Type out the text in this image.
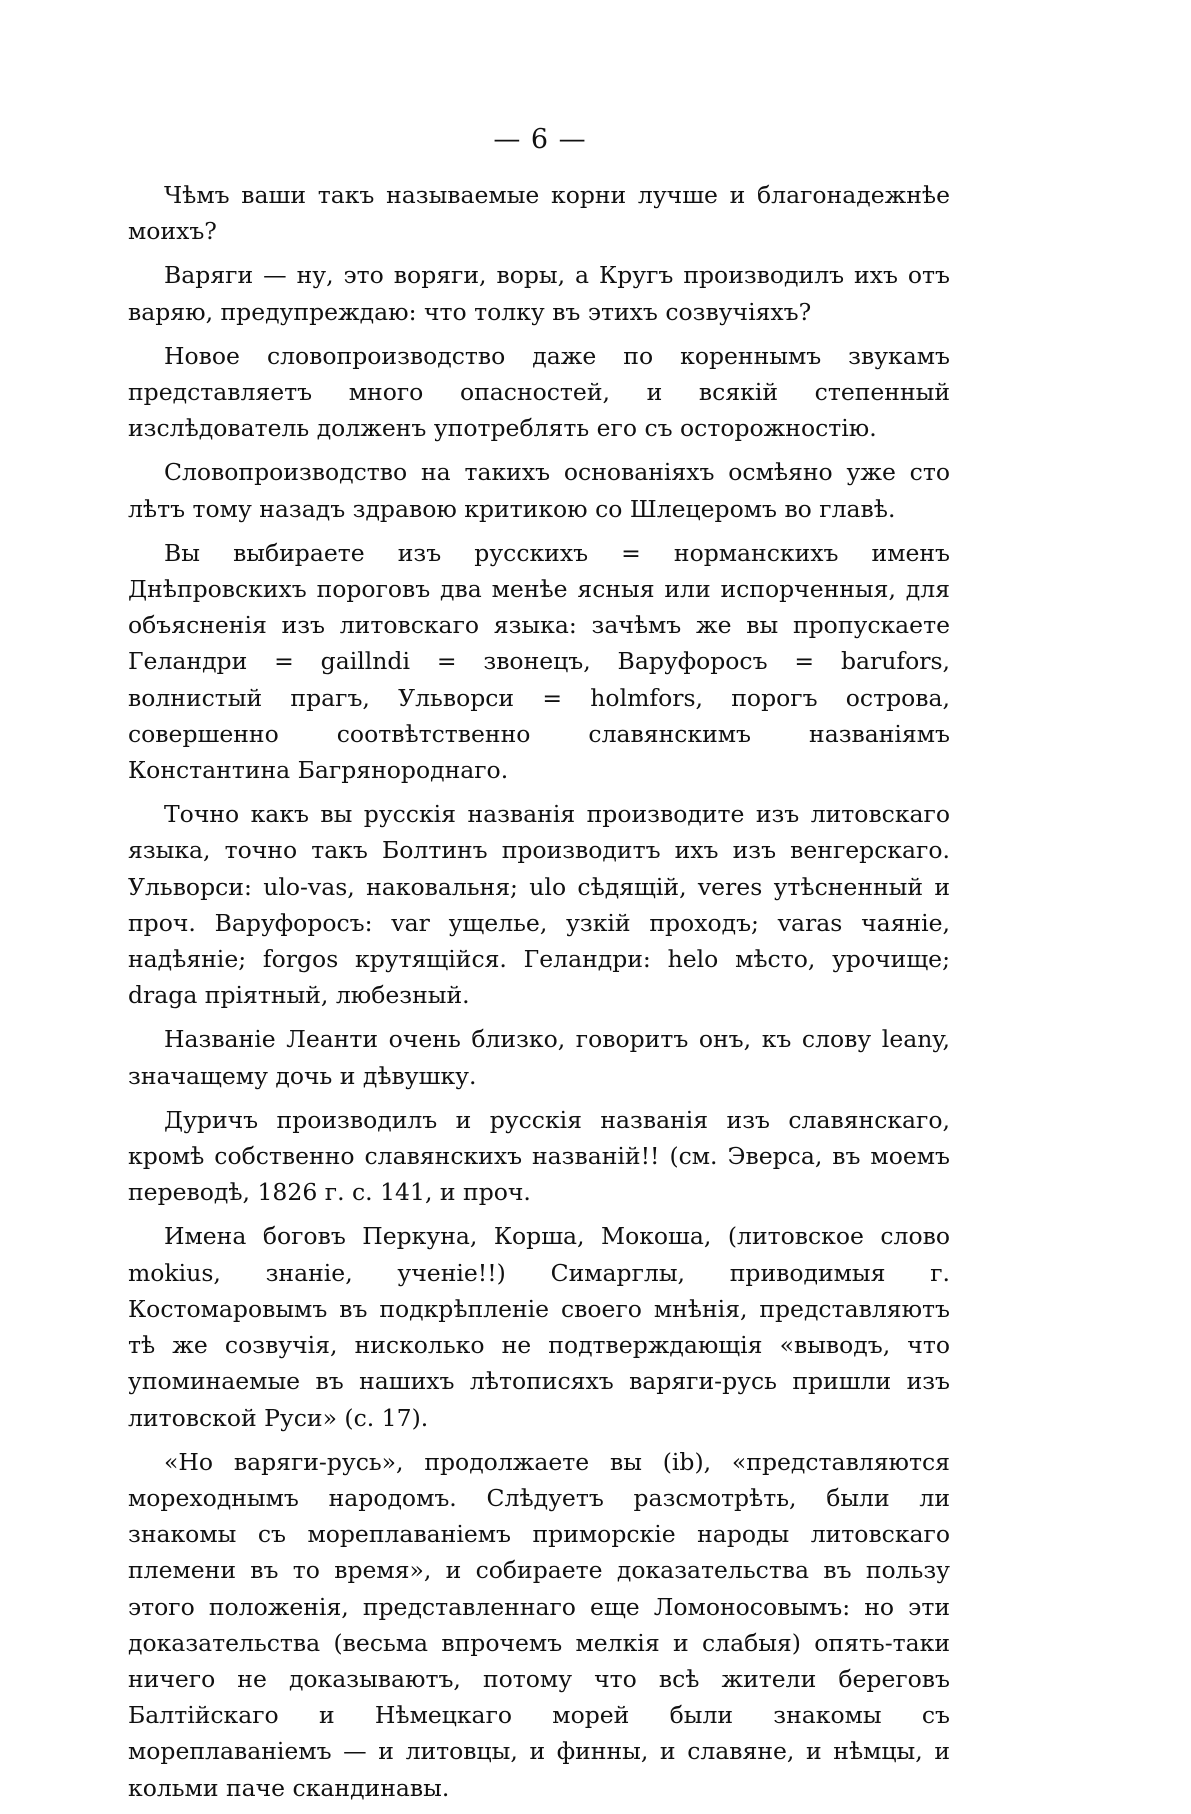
— 6 —

Чѣмъ ваши такъ называемые корни лучше и благонадежнѣе моихъ?

Варяги — ну, это воряги, воры, а Кругъ производилъ ихъ отъ варяю, предупреждаю: что толку въ этихъ созвучіяхъ?

Новое словопроизводство даже по кореннымъ звукамъ представляетъ много опасностей, и всякій степенный изслѣдователь долженъ употреблять его съ осторожностію.

Словопроизводство на такихъ основаніяхъ осмѣяно уже сто лѣтъ тому назадъ здравою критикою со Шлецеромъ во главѣ.

Вы выбираете изъ русскихъ = норманскихъ именъ Днѣпровскихъ пороговъ два менѣе ясныя или испорченныя, для объясненія изъ литовскаго языка: зачѣмъ же вы пропускаете Геландри = gaillndi = звонецъ, Варуфоросъ = barufors, волнистый прагъ, Ульворси = holmfors, порогъ острова, совершенно соотвѣтственно славянскимъ названіямъ Константина Багрянороднаго.

Точно какъ вы русскія названія производите изъ литовскаго языка, точно такъ Болтинъ производитъ ихъ изъ венгерскаго. Ульворси: ulo-vas, наковальня; ulo сѣдящій, veres утѣсненный и проч. Варуфоросъ: var ущелье, узкій проходъ; varas чаяніе, надѣяніе; forgos крутящійся. Геландри: helo мѣсто, урочище; draga пріятный, любезный.

Названіе Леанти очень близко, говоритъ онъ, къ слову leany, значащему дочь и дѣвушку.

Дуричъ производилъ и русскія названія изъ славянскаго, кромѣ собственно славянскихъ названій!! (см. Эверса, въ моемъ переводѣ, 1826 г. с. 141, и проч.

Имена боговъ Перкуна, Корша, Мокоша, (литовское слово mokius, знаніе, ученіе!!) Симарглы, приводимыя г. Костомаровымъ въ подкрѣпленіе своего мнѣнія, представляютъ тѣ же созвучія, нисколько не подтверждающія «выводъ, что упоминаемые въ нашихъ лѣтописяхъ варяги-русь пришли изъ литовской Руси» (с. 17).

«Но варяги-русь», продолжаете вы (ib), «представляются мореходнымъ народомъ. Слѣдуетъ разсмотрѣть, были ли знакомы съ мореплаваніемъ приморскіе народы литовскаго племени въ то время», и собираете доказательства въ пользу этого положенія, представленнаго еще Ломоносовымъ: но эти доказательства (весьма впрочемъ мелкія и слабыя) опять-таки ничего не доказываютъ, потому что всѣ жители береговъ Балтійскаго и Нѣмецкаго морей были знакомы съ мореплаваніемъ — и литовцы, и финны, и славяне, и нѣмцы, и кольми паче скандинавы.
